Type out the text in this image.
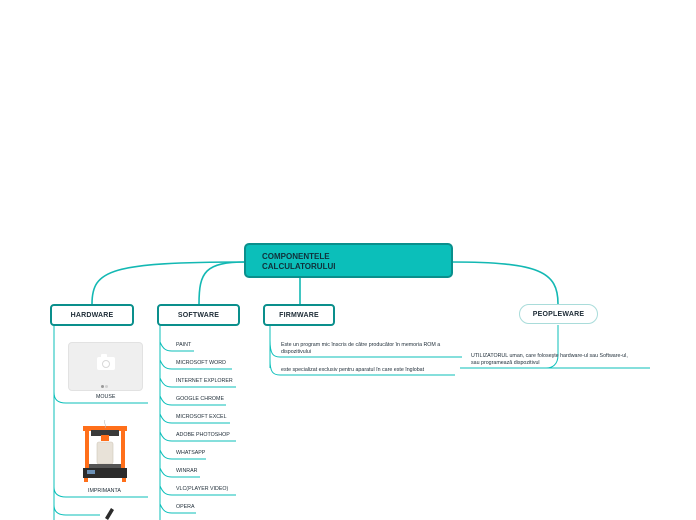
COMPONENTELE CALCULATORULUI
HARDWARE	SOFTWARE	FIRMWARE	PEOPLEWARE
MOUSE
IMPRIMANTA
PAINT
MICROSOFT WORD
INTERNET EXPLORER
GOOGLE CHROME
MICROSOFT EXCEL
ADOBE PHOTOSHOP
WHATSAPP
WINRAR
VLC(PLAYER VIDEO)
OPERA
Este un program mic înscris de către producător în memoria ROM a dispozitivului
este specializat exclusiv pentru aparatul în care este înglobat
UTILIZATORUL uman, care foloseşte hardware-ul sau Software-ul, sau programează dispozitivul
